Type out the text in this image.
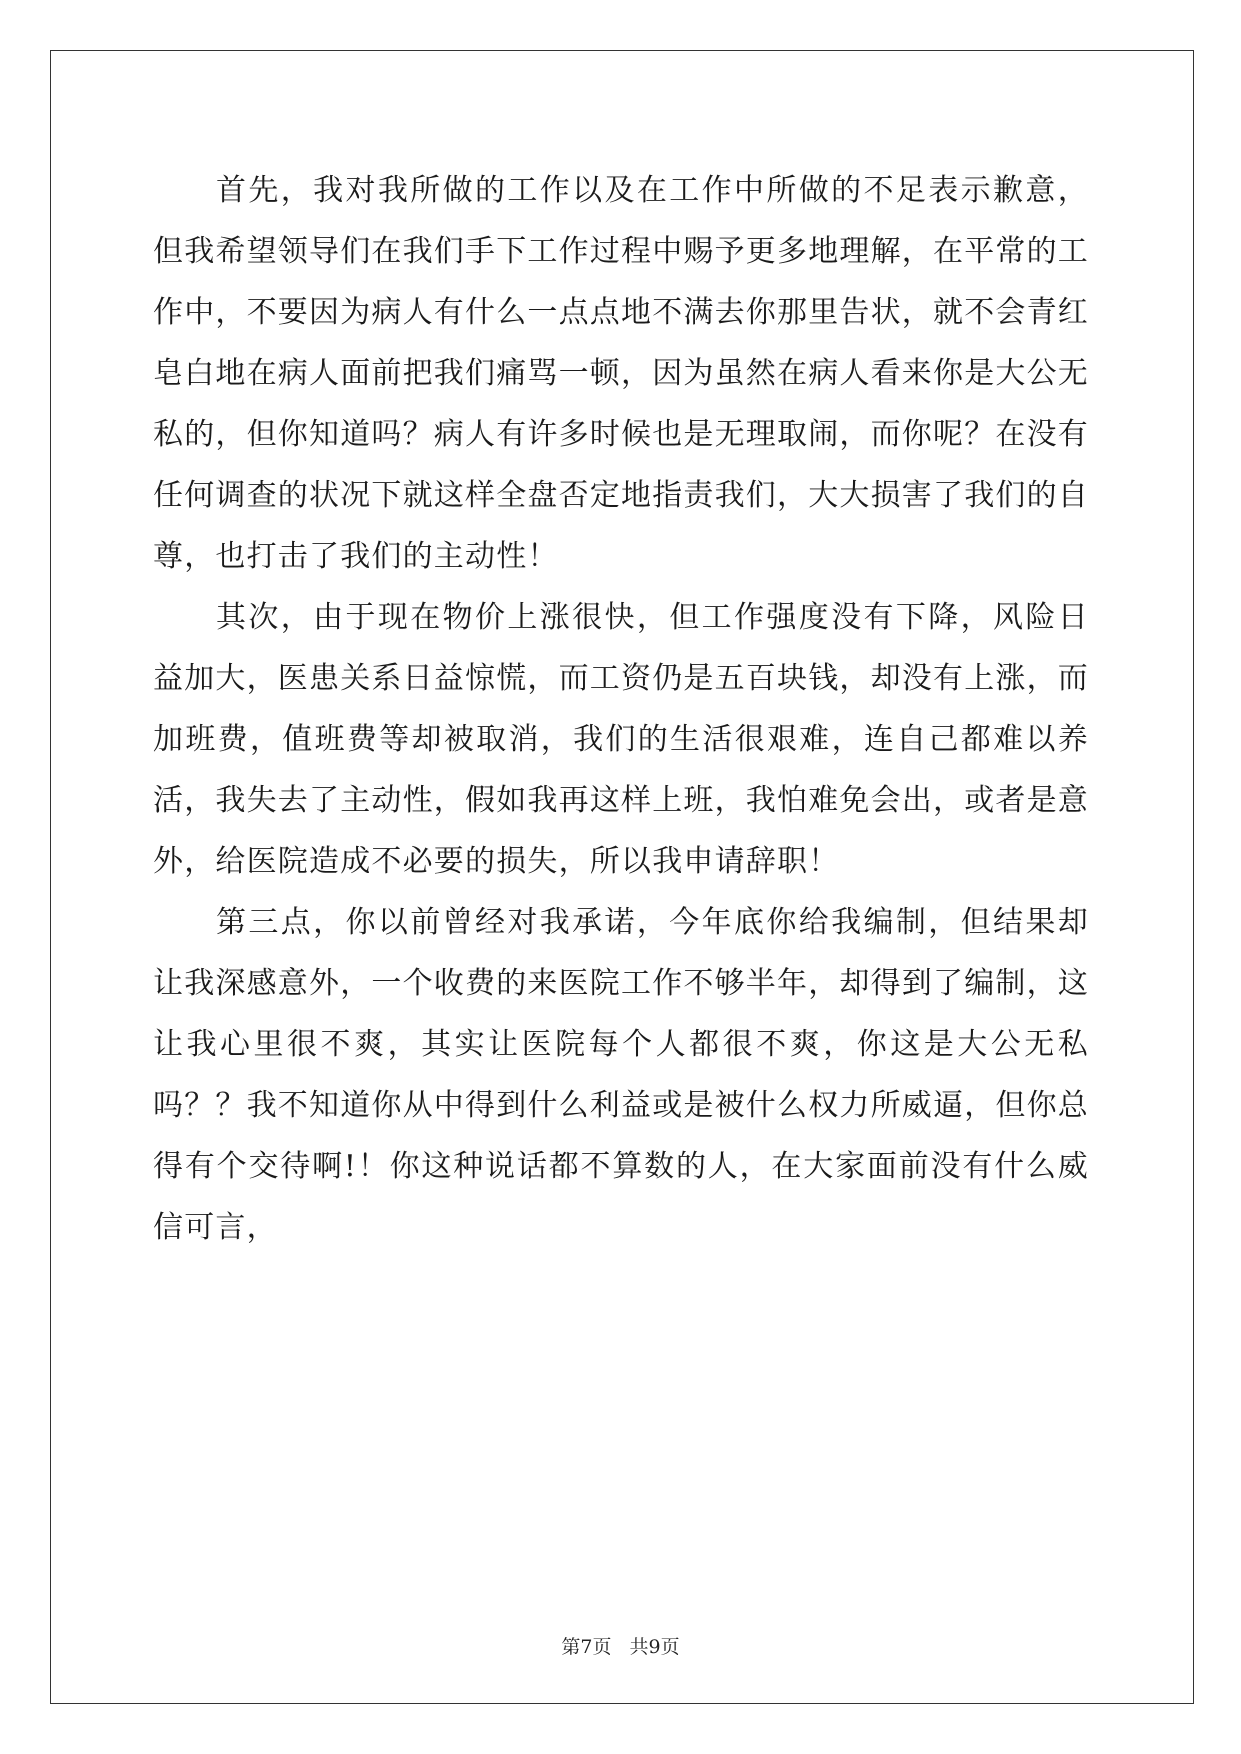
首先，我对我所做的工作以及在工作中所做的不足表示歉意，但我希望领导们在我们手下工作过程中赐予更多地理解，在平常的工作中，不要因为病人有什么一点点地不满去你那里告状，就不会青红皂白地在病人面前把我们痛骂一顿，因为虽然在病人看来你是大公无私的，但你知道吗？病人有许多时候也是无理取闹，而你呢？在没有任何调查的状况下就这样全盘否定地指责我们，大大损害了我们的自尊，也打击了我们的主动性！

其次，由于现在物价上涨很快，但工作强度没有下降，风险日益加大，医患关系日益惊慌，而工资仍是五百块钱，却没有上涨，而加班费，值班费等却被取消，我们的生活很艰难，连自己都难以养活，我失去了主动性，假如我再这样上班，我怕难免会出，或者是意外，给医院造成不必要的损失，所以我申请辞职！

第三点，你以前曾经对我承诺，今年底你给我编制，但结果却让我深感意外，一个收费的来医院工作不够半年，却得到了编制，这让我心里很不爽，其实让医院每个人都很不爽，你这是大公无私吗？？我不知道你从中得到什么利益或是被什么权力所威逼，但你总得有个交待啊!！你这种说话都不算数的人，在大家面前没有什么威信可言，

第7页 共9页
